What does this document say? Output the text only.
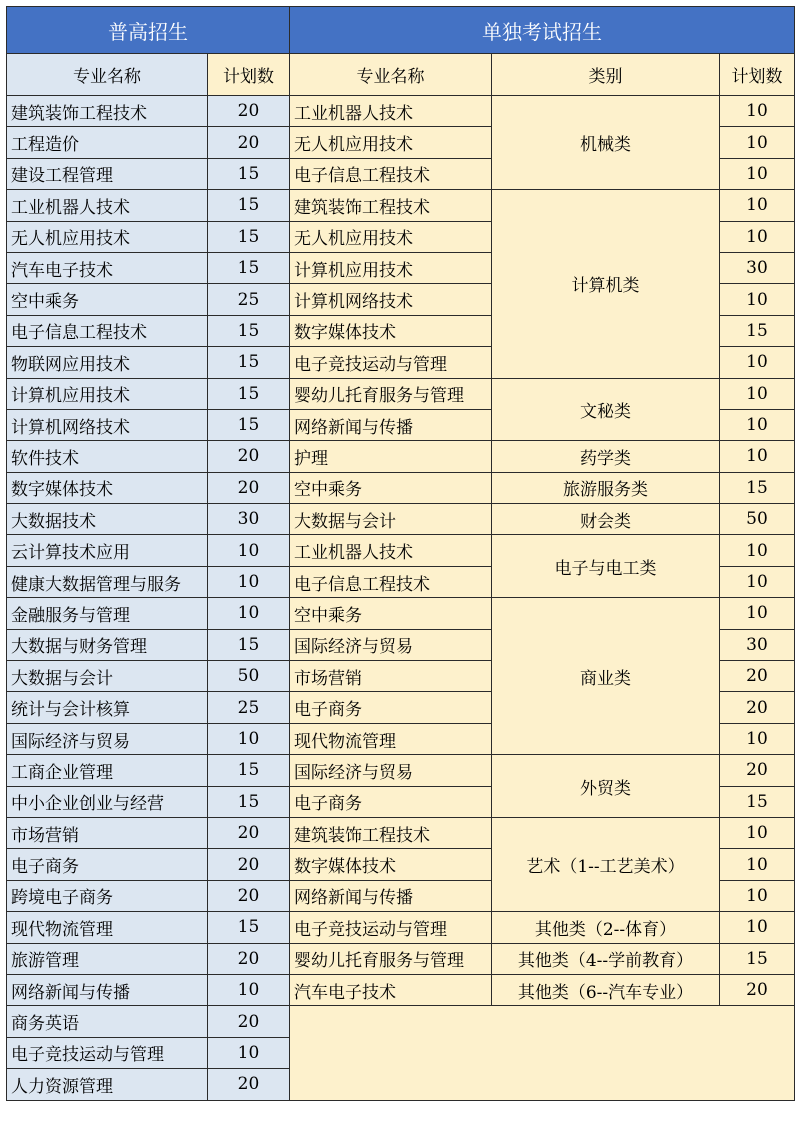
普高招生		单独考试招生		
专业名称	计划数	专业名称	类别	计划数
建筑装饰工程技术	20	工业机器人技术	机械类	10
工程造价	20	无人机应用技术		10
建设工程管理	15	电子信息工程技术		10
工业机器人技术	15	建筑装饰工程技术	计算机类	10
无人机应用技术	15	无人机应用技术		10
汽车电子技术	15	计算机应用技术		30
空中乘务	25	计算机网络技术		10
电子信息工程技术	15	数字媒体技术		15
物联网应用技术	15	电子竞技运动与管理		10
计算机应用技术	15	婴幼儿托育服务与管理	文秘类	10
计算机网络技术	15	网络新闻与传播		10
软件技术	20	护理	药学类	10
数字媒体技术	20	空中乘务	旅游服务类	15
大数据技术	30	大数据与会计	财会类	50
云计算技术应用	10	工业机器人技术	电子与电工类	10
健康大数据管理与服务	10	电子信息工程技术		10
金融服务与管理	10	空中乘务	商业类	10
大数据与财务管理	15	国际经济与贸易		30
大数据与会计	50	市场营销		20
统计与会计核算	25	电子商务		20
国际经济与贸易	10	现代物流管理		10
工商企业管理	15	国际经济与贸易	外贸类	20
中小企业创业与经营	15	电子商务		15
市场营销	20	建筑装饰工程技术	艺术（1--工艺美术）	10
电子商务	20	数字媒体技术		10
跨境电子商务	20	网络新闻与传播		10
现代物流管理	15	电子竞技运动与管理	其他类（2--体育）	10
旅游管理	20	婴幼儿托育服务与管理	其他类（4--学前教育）	15
网络新闻与传播	10	汽车电子技术	其他类（6--汽车专业）	20
商务英语	20			
电子竞技运动与管理	10			
人力资源管理	20			
